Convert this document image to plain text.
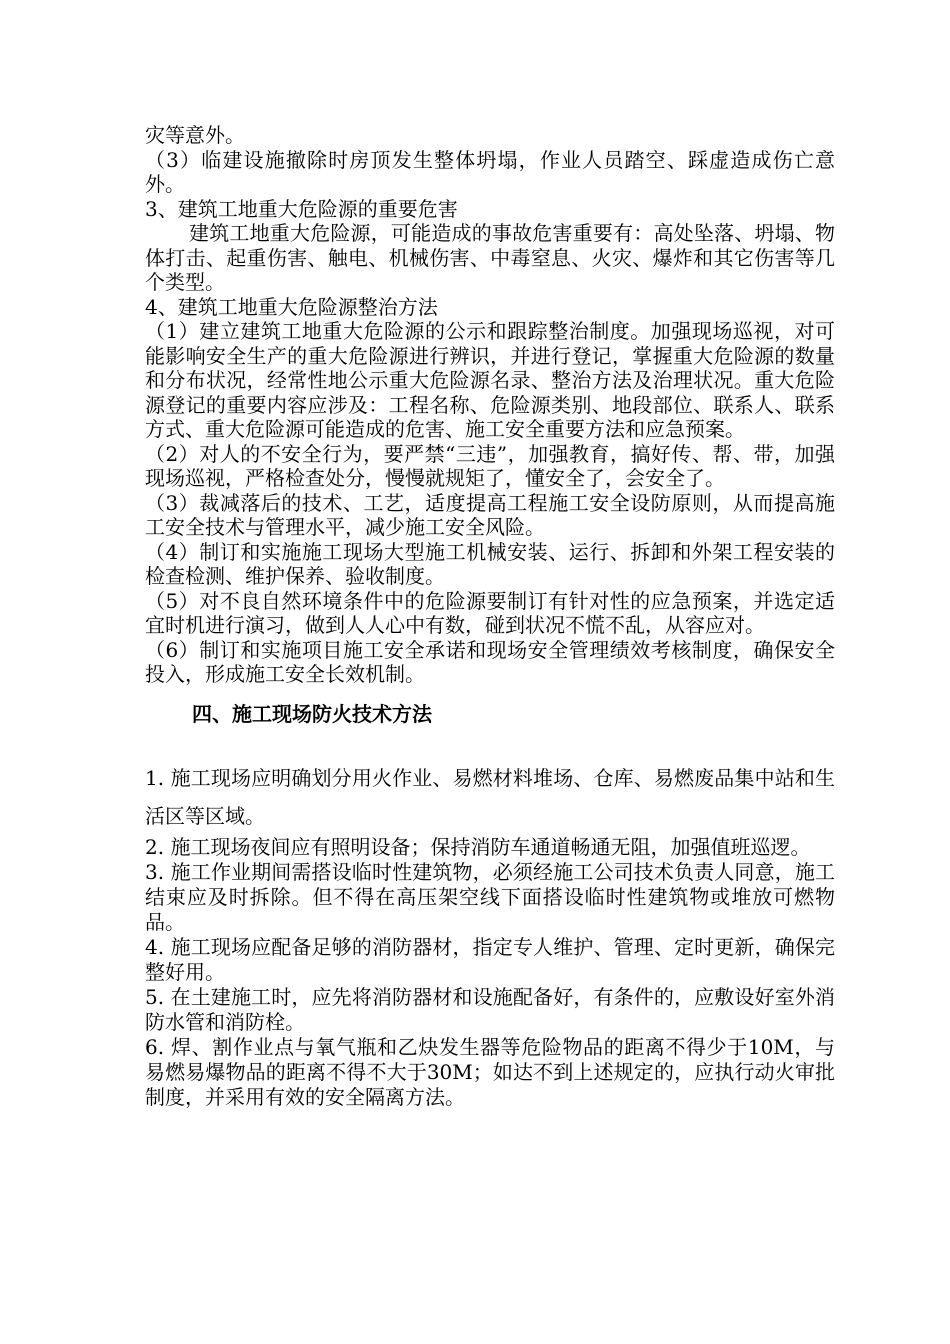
灾等意外。

（3）临建设施撤除时房顶发生整体坍塌，作业人员踏空、踩虚造成伤亡意外。

3、建筑工地重大危险源的重要危害

建筑工地重大危险源，可能造成的事故危害重要有：高处坠落、坍塌、物体打击、起重伤害、触电、机械伤害、中毒窒息、火灾、爆炸和其它伤害等几个类型。

4、建筑工地重大危险源整治方法

（1）建立建筑工地重大危险源的公示和跟踪整治制度。加强现场巡视，对可能影响安全生产的重大危险源进行辨识，并进行登记，掌握重大危险源的数量和分布状况，经常性地公示重大危险源名录、整治方法及治理状况。重大危险源登记的重要内容应涉及：工程名称、危险源类别、地段部位、联系人、联系方式、重大危险源可能造成的危害、施工安全重要方法和应急预案。

（2）对人的不安全行为，要严禁“三违”，加强教育，搞好传、帮、带，加强现场巡视，严格检查处分，慢慢就规矩了，懂安全了，会安全了。

（3）裁减落后的技术、工艺，适度提高工程施工安全设防原则，从而提高施工安全技术与管理水平，减少施工安全风险。

（4）制订和实施施工现场大型施工机械安装、运行、拆卸和外架工程安装的检查检测、维护保养、验收制度。

（5）对不良自然环境条件中的危险源要制订有针对性的应急预案，并选定适宜时机进行演习，做到人人心中有数，碰到状况不慌不乱，从容应对。

（6）制订和实施项目施工安全承诺和现场安全管理绩效考核制度，确保安全投入，形成施工安全长效机制。

四、施工现场防火技术方法

1. 施工现场应明确划分用火作业、易燃材料堆场、仓库、易燃废品集中站和生活区等区域。

2. 施工现场夜间应有照明设备；保持消防车通道畅通无阻，加强值班巡逻。

3. 施工作业期间需搭设临时性建筑物，必须经施工公司技术负责人同意，施工结束应及时拆除。但不得在高压架空线下面搭设临时性建筑物或堆放可燃物品。

4. 施工现场应配备足够的消防器材，指定专人维护、管理、定时更新，确保完整好用。

5. 在土建施工时，应先将消防器材和设施配备好，有条件的，应敷设好室外消防水管和消防栓。

6. 焊、割作业点与氧气瓶和乙炔发生器等危险物品的距离不得少于10M，与易燃易爆物品的距离不得不大于30M；如达不到上述规定的，应执行动火审批制度，并采用有效的安全隔离方法。
